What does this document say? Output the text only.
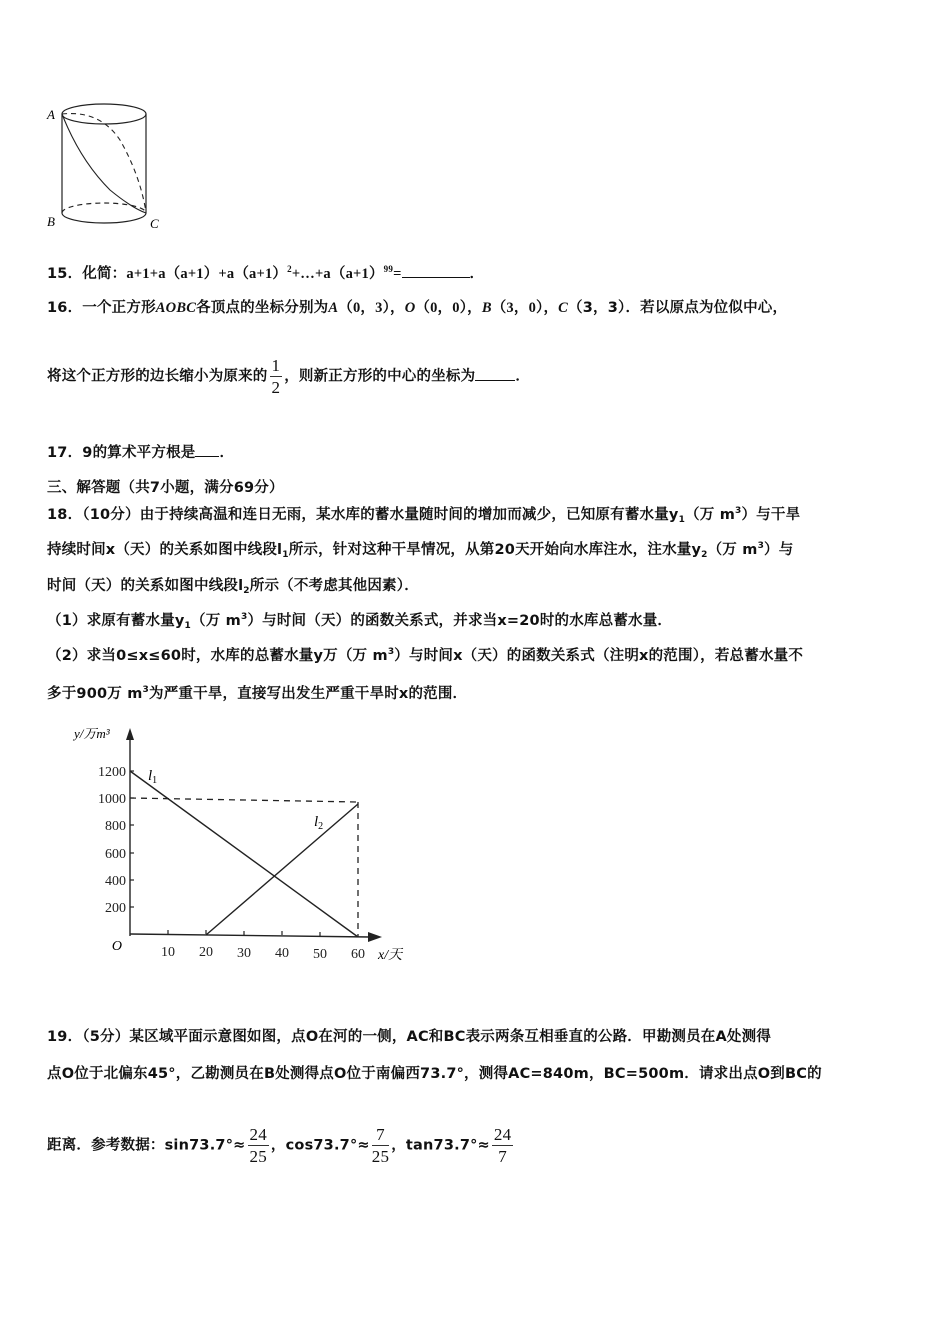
A
B	C
15．化简：$a+1+a(a+1)+a(a+1)^2+\dots+a(a+1)^{99}=$	．
16．一个正方形AOBC各顶点的坐标分别为A（0，3），O（0，0），B（3，0），C（3，3）．若以原点为位似中心，
将这个正方形的边长缩小为原来的 $\frac{1}{2}$ ，则新正方形的中心的坐标为	．
17．9的算术平方根是 ．
三、解答题（共7小题，满分69分）
18．（10分）由于持续高温和连日无雨，某水库的蓄水量随时间的增加而减少，已知原有蓄水量$y_1$（万 $m^3$）与干旱
持续时间x（天）的关系如图中线段$l_1$所示，针对这种干旱情况，从第20天开始向水库注水，注水量$y_2$（万 $m^3$）与
时间（天）的关系如图中线段$l_2$所示（不考虑其他因素）．
（1）求原有蓄水量$y_1$（万 $m^3$）与时间（天）的函数关系式，并求当x=20时的水库总蓄水量．
（2）求当0≤x≤60时，水库的总蓄水量y万（万 $m^3$）与时间x（天）的函数关系式（注明x的范围），若总蓄水量不
多于900万 $m^3$为严重干旱，直接写出发生严重干旱时x的范围．
200
400
600
800
1000
1200
10 20 30 40 50 60
O
x/天
y/万m³
$l_1$
$l_2$
19．（5分）某区域平面示意图如图，点O在河的一侧，AC和BC表示两条互相垂直的公路．甲勘测员在A处测得
点O位于北偏东45°，乙勘测员在B处测得点O位于南偏西73.7°，测得AC=840m，BC=500m．请求出点O到BC的
距离．参考数据：$\sin 73.7^\circ\approx \frac{24}{25}$ ，$\cos 73.7^\circ\approx \frac{7}{25}$ ，$\tan 73.7^\circ\approx \frac{24}{7}$
